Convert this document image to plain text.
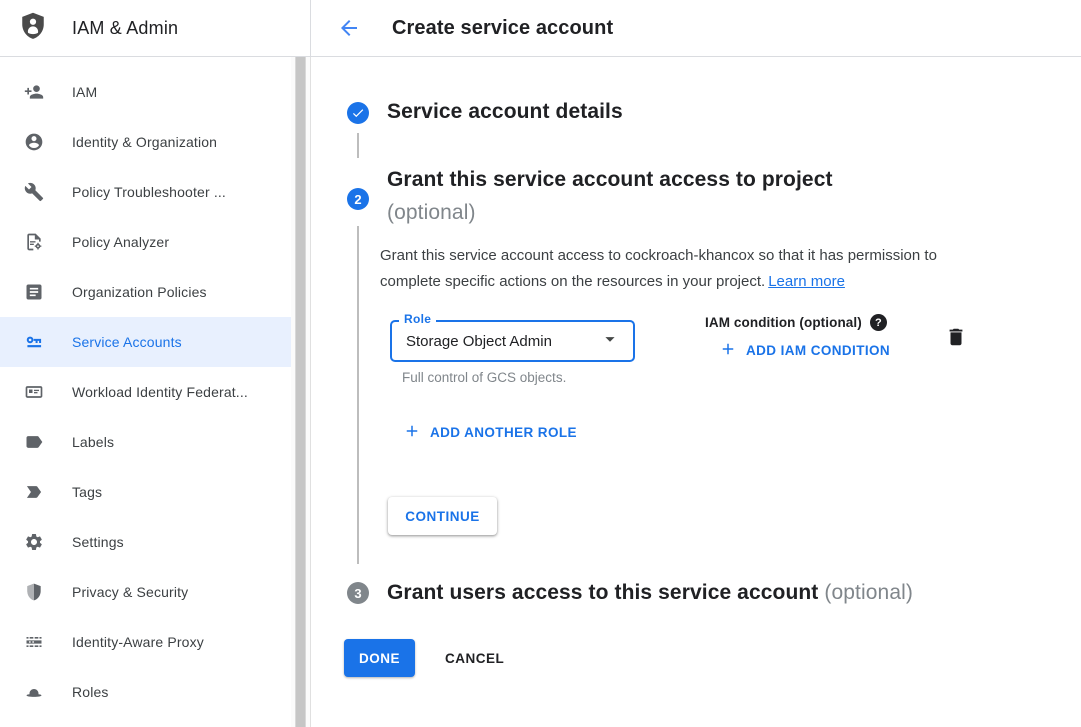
IAM & Admin
IAM
Identity & Organization
Policy Troubleshooter ...
Policy Analyzer
Organization Policies
Service Accounts
Workload Identity Federat...
Labels
Tags
Settings
Privacy & Security
Identity-Aware Proxy
Roles
Create service account
Service account details
2
Grant this service account access to project
(optional)

Grant this service account access to cockroach-khancox so that it has permission to complete specific actions on the resources in your project. Learn more

Storage Object Admin
Role
Full control of GCS objects.
IAM condition (optional)	?
ADD IAM CONDITION
ADD ANOTHER ROLE
CONTINUE
3	Grant users access to this service account (optional)
DONE	CANCEL
